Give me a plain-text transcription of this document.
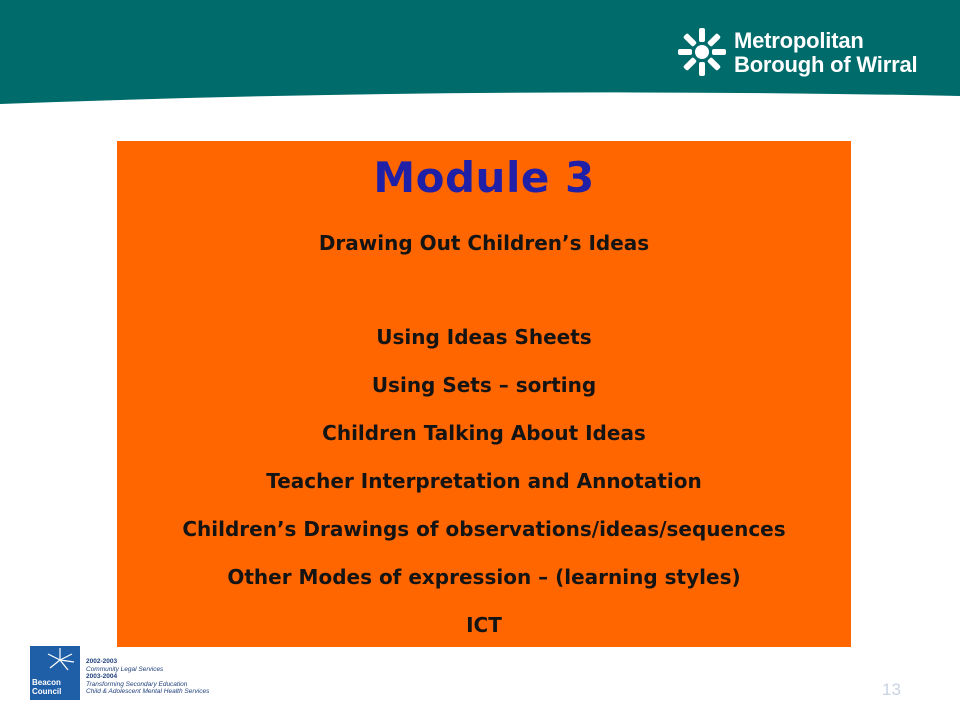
Metropolitan
Borough of Wirral
Module 3
Drawing Out Children’s Ideas
Using Ideas Sheets
Using Sets – sorting
Children Talking About Ideas
Teacher Interpretation and Annotation
Children’s Drawings of observations/ideas/sequences
Other Modes of expression – (learning styles)
ICT
Beacon Council
2002-2003
Community Legal Services
2003-2004
Transforming Secondary Education
Child & Adolescent Mental Health Services	13
